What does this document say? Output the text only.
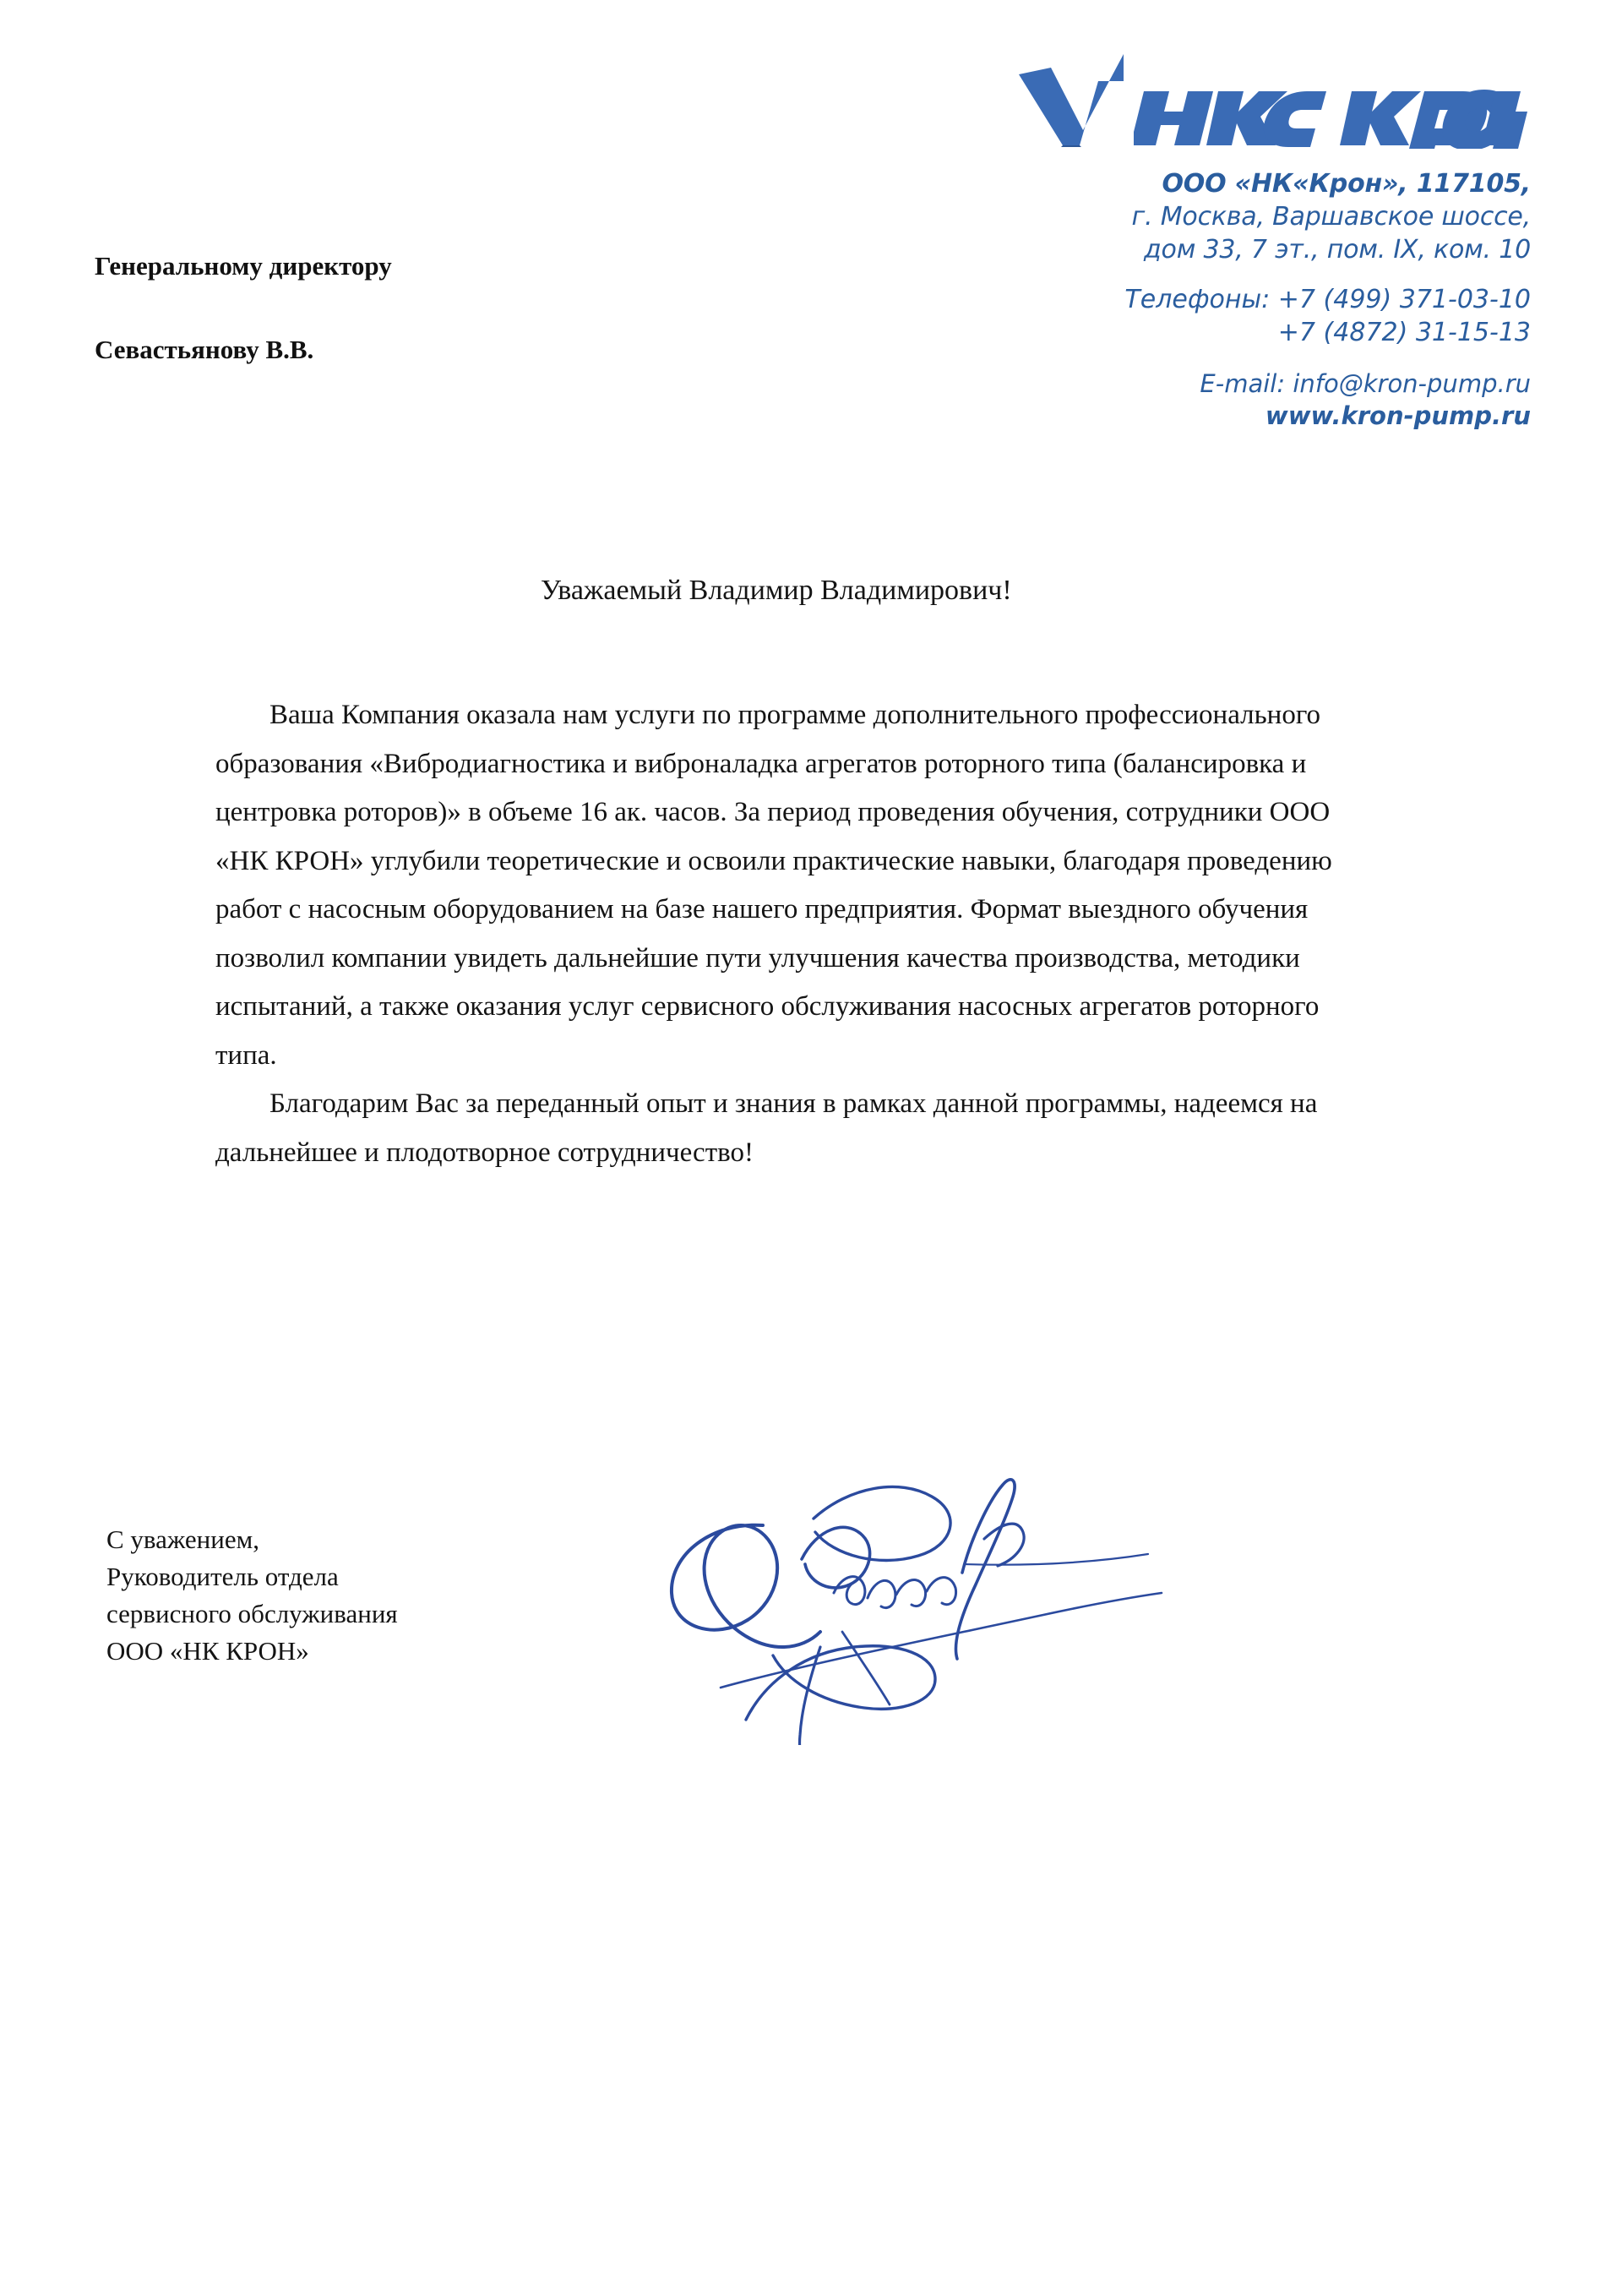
ООО «НК«Крон», 117105,
г. Москва, Варшавское шоссе,
дом 33, 7 эт., пом. IX, ком. 10
Телефоны: +7 (499) 371-03-10
+7 (4872) 31-15-13
E-mail: info@kron-pump.ru
www.kron-pump.ru
Генеральному директору
Севастьянову В.В.
Уважаемый Владимир Владимирович!
Ваша Компания оказала нам услуги по программе дополнительного профессионального
образования «Вибродиагностика и виброналадка агрегатов роторного типа (балансировка и
центровка роторов)» в объеме 16 ак. часов. За период проведения обучения, сотрудники ООО
«НК КРОН» углубили теоретические и освоили практические навыки, благодаря проведению
работ с насосным оборудованием на базе нашего предприятия. Формат выездного обучения
позволил компании увидеть дальнейшие пути улучшения качества производства, методики
испытаний, а также оказания услуг сервисного обслуживания насосных агрегатов роторного
типа.
Благодарим Вас за переданный опыт и знания в рамках данной программы, надеемся на
дальнейшее и плодотворное сотрудничество!
С уважением,
Руководитель отдела
сервисного обслуживания
ООО «НК КРОН»
